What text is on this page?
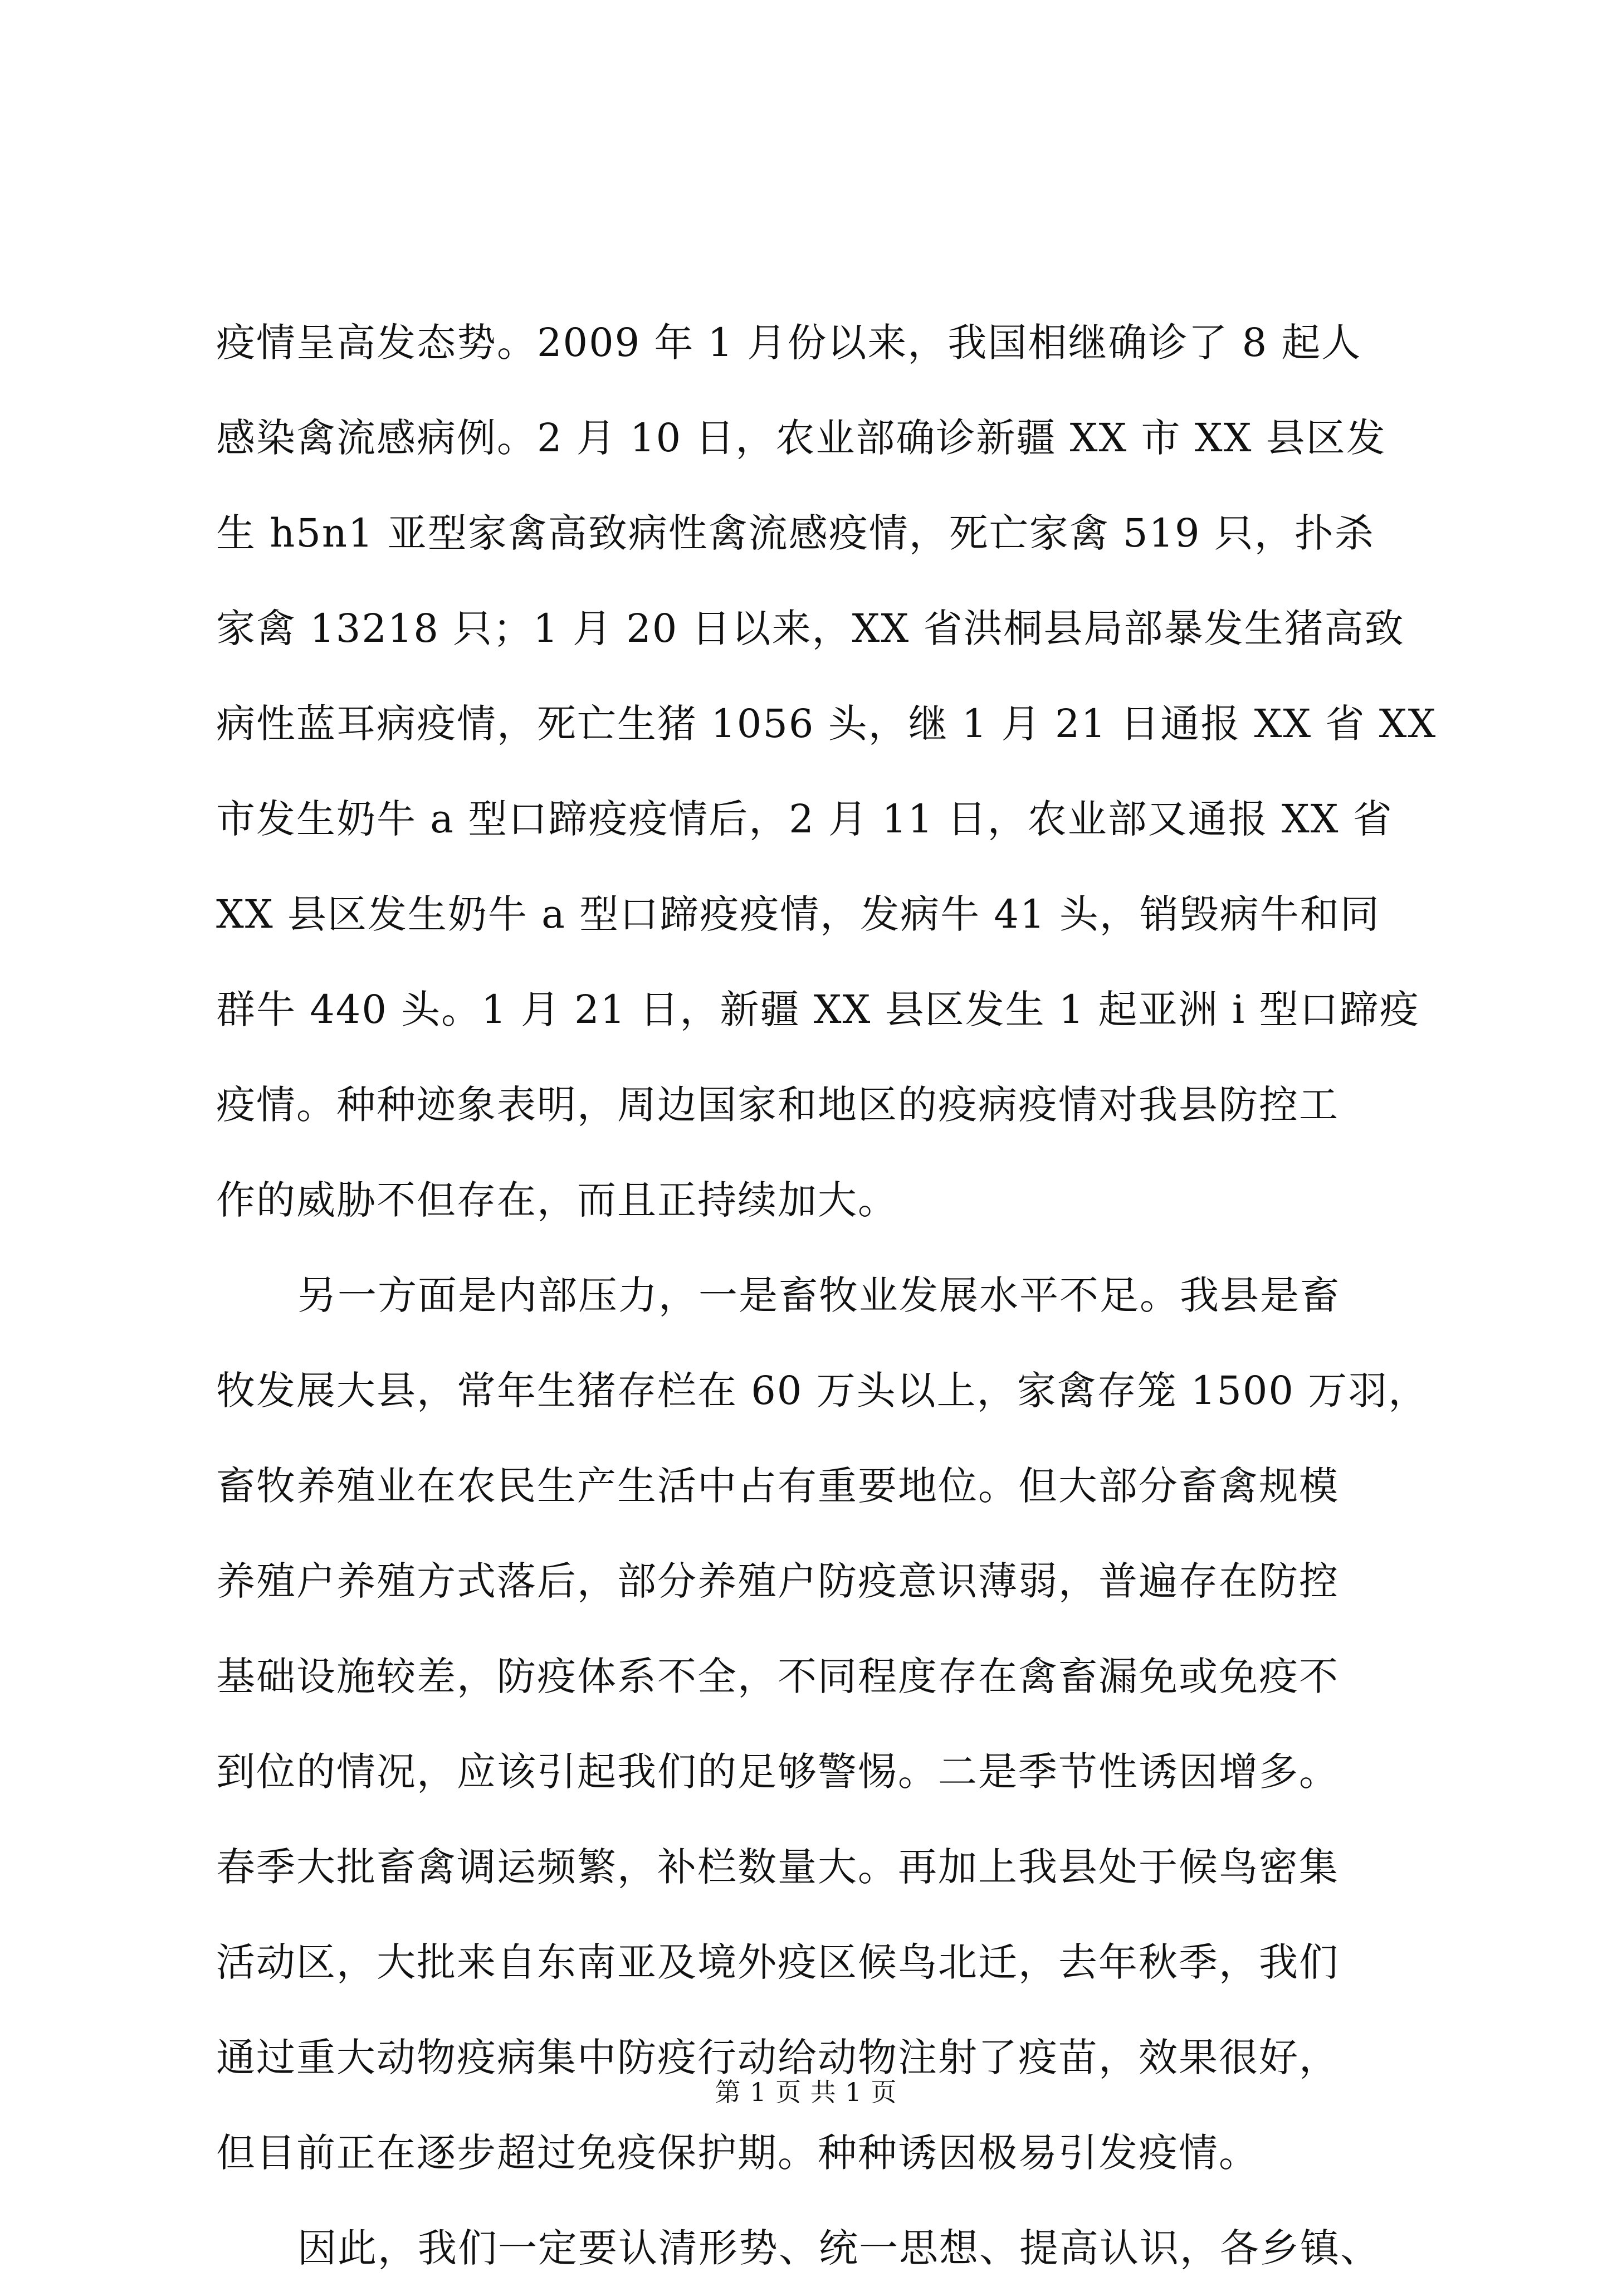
疫情呈高发态势。2009 年 1 月份以来，我国相继确诊了 8 起人
感染禽流感病例。2 月 10 日，农业部确诊新疆 XX 市 XX 县区发
生 h5n1 亚型家禽高致病性禽流感疫情，死亡家禽 519 只，扑杀
家禽 13218 只；1 月 20 日以来，XX 省洪桐县局部暴发生猪高致
病性蓝耳病疫情，死亡生猪 1056 头，继 1 月 21 日通报 XX 省 XX
市发生奶牛 a 型口蹄疫疫情后，2 月 11 日，农业部又通报 XX 省
XX 县区发生奶牛 a 型口蹄疫疫情，发病牛 41 头，销毁病牛和同
群牛 440 头。1 月 21 日，新疆 XX 县区发生 1 起亚洲 i 型口蹄疫
疫情。种种迹象表明，周边国家和地区的疫病疫情对我县防控工
作的威胁不但存在，而且正持续加大。
另一方面是内部压力，一是畜牧业发展水平不足。我县是畜
牧发展大县，常年生猪存栏在 60 万头以上，家禽存笼 1500 万羽，
畜牧养殖业在农民生产生活中占有重要地位。但大部分畜禽规模
养殖户养殖方式落后，部分养殖户防疫意识薄弱，普遍存在防控
基础设施较差，防疫体系不全，不同程度存在禽畜漏免或免疫不
到位的情况，应该引起我们的足够警惕。二是季节性诱因增多。
春季大批畜禽调运频繁，补栏数量大。再加上我县处于候鸟密集
活动区，大批来自东南亚及境外疫区候鸟北迁，去年秋季，我们
通过重大动物疫病集中防疫行动给动物注射了疫苗，效果很好，
但目前正在逐步超过免疫保护期。种种诱因极易引发疫情。
因此，我们一定要认清形势、统一思想、提高认识，各乡镇、
第 1 页 共 1 页
